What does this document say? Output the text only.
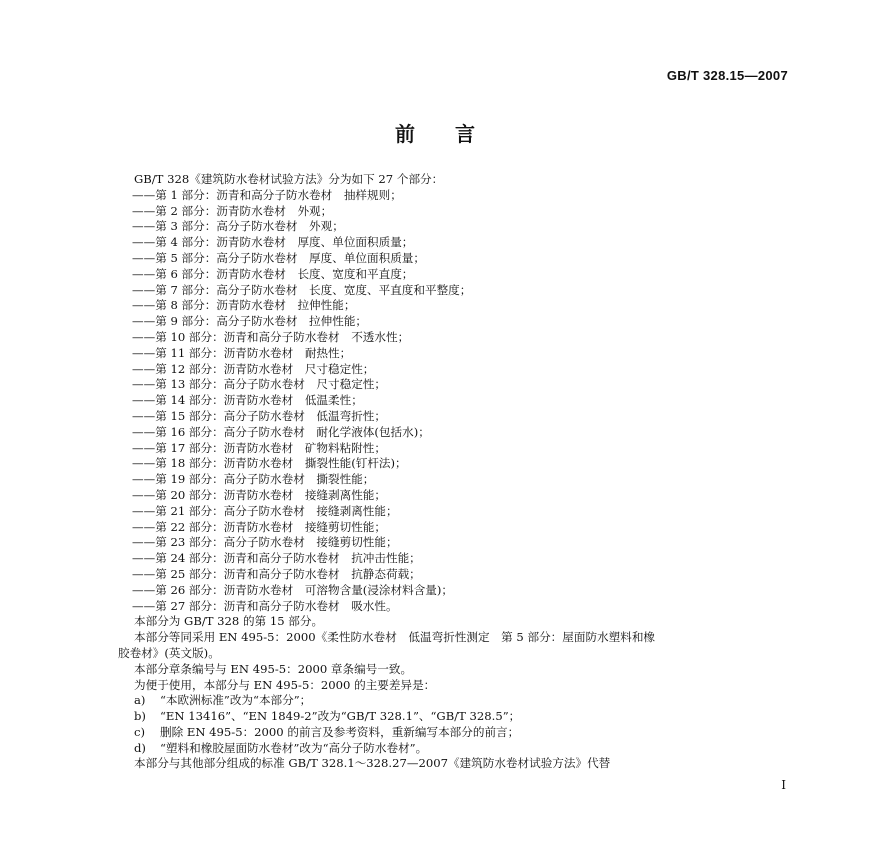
GB/T 328.15—2007
前言
GB/T 328《建筑防水卷材试验方法》分为如下 27 个部分：
——第 1 部分：沥青和高分子防水卷材　抽样规则；
——第 2 部分：沥青防水卷材　外观；
——第 3 部分：高分子防水卷材　外观；
——第 4 部分：沥青防水卷材　厚度、单位面积质量；
——第 5 部分：高分子防水卷材　厚度、单位面积质量；
——第 6 部分：沥青防水卷材　长度、宽度和平直度；
——第 7 部分：高分子防水卷材　长度、宽度、平直度和平整度；
——第 8 部分：沥青防水卷材　拉伸性能；
——第 9 部分：高分子防水卷材　拉伸性能；
——第 10 部分：沥青和高分子防水卷材　不透水性；
——第 11 部分：沥青防水卷材　耐热性；
——第 12 部分：沥青防水卷材　尺寸稳定性；
——第 13 部分：高分子防水卷材　尺寸稳定性；
——第 14 部分：沥青防水卷材　低温柔性；
——第 15 部分：高分子防水卷材　低温弯折性；
——第 16 部分：高分子防水卷材　耐化学液体(包括水)；
——第 17 部分：沥青防水卷材　矿物料粘附性；
——第 18 部分：沥青防水卷材　撕裂性能(钉杆法)；
——第 19 部分：高分子防水卷材　撕裂性能；
——第 20 部分：沥青防水卷材　接缝剥离性能；
——第 21 部分：高分子防水卷材　接缝剥离性能；
——第 22 部分：沥青防水卷材　接缝剪切性能；
——第 23 部分：高分子防水卷材　接缝剪切性能；
——第 24 部分：沥青和高分子防水卷材　抗冲击性能；
——第 25 部分：沥青和高分子防水卷材　抗静态荷载；
——第 26 部分：沥青防水卷材　可溶物含量(浸涂材料含量)；
——第 27 部分：沥青和高分子防水卷材　吸水性。
本部分为 GB/T 328 的第 15 部分。
本部分等同采用 EN 495-5：2000《柔性防水卷材　低温弯折性测定　第 5 部分：屋面防水塑料和橡
胶卷材》(英文版)。
本部分章条编号与 EN 495-5：2000 章条编号一致。
为便于使用，本部分与 EN 495-5：2000 的主要差异是：
a) “本欧洲标准”改为“本部分”；
b) “EN 13416”、“EN 1849-2”改为“GB/T 328.1”、“GB/T 328.5”；
c) 删除 EN 495-5：2000 的前言及参考资料，重新编写本部分的前言；
d) “塑料和橡胶屋面防水卷材”改为“高分子防水卷材”。
本部分与其他部分组成的标准 GB/T 328.1～328.27—2007《建筑防水卷材试验方法》代替
I
